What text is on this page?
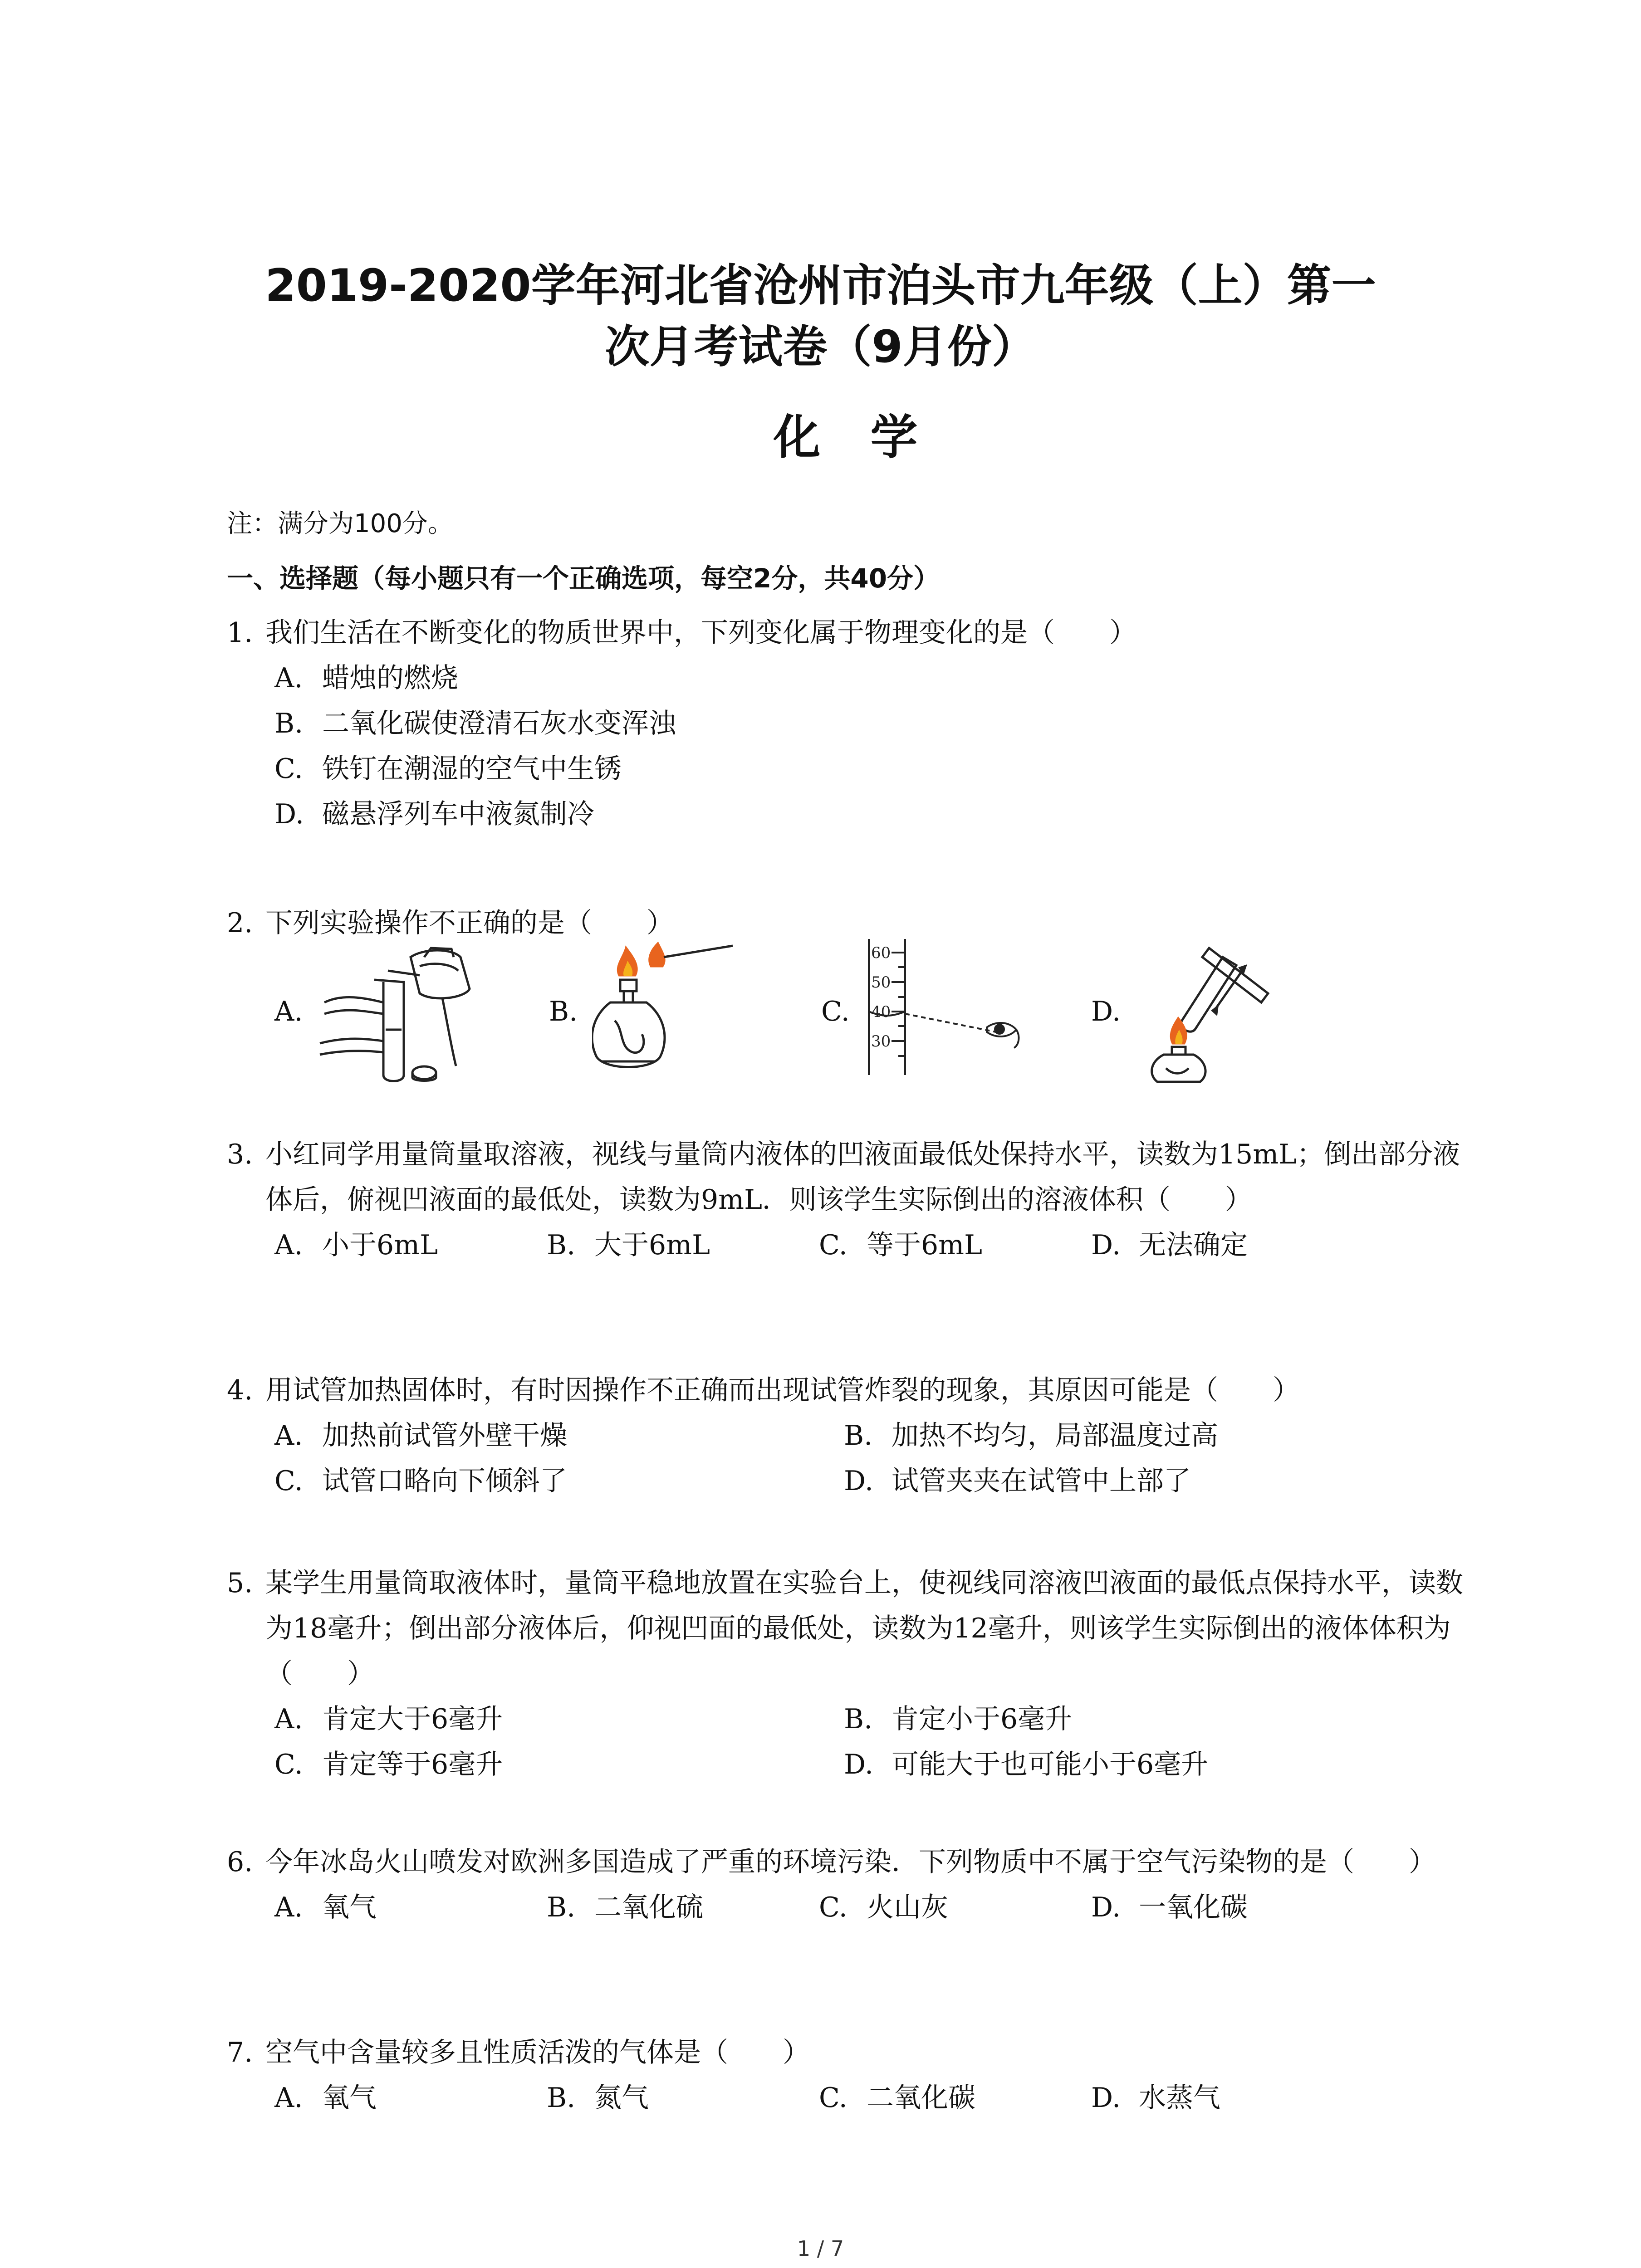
2019-2020学年河北省沧州市泊头市九年级（上）第一
次月考试卷（9月份）
化学
注：满分为100分。
一、选择题（每小题只有一个正确选项，每空2分，共40分）
1. 我们生活在不断变化的物质世界中，下列变化属于物理变化的是（　　）
A. 蜡烛的燃烧
B. 二氧化碳使澄清石灰水变浑浊
C. 铁钉在潮湿的空气中生锈
D. 磁悬浮列车中液氮制冷
2. 下列实验操作不正确的是（　　）
A.	B.	C.
60
50
40
30
D.
3. 小红同学用量筒量取溶液，视线与量筒内液体的凹液面最低处保持水平，读数为15mL；倒出部分液体后，俯视凹液面的最低处，读数为9mL．则该学生实际倒出的溶液体积（　　）
A. 小于6mL	B. 大于6mL	C. 等于6mL	D. 无法确定
4. 用试管加热固体时，有时因操作不正确而出现试管炸裂的现象，其原因可能是（　　）
A. 加热前试管外壁干燥	B. 加热不均匀，局部温度过高
C. 试管口略向下倾斜了	D. 试管夹夹在试管中上部了
5. 某学生用量筒取液体时，量筒平稳地放置在实验台上，使视线同溶液凹液面的最低点保持水平，读数为18毫升；倒出部分液体后，仰视凹面的最低处，读数为12毫升，则该学生实际倒出的液体体积为（　　）
A. 肯定大于6毫升	B. 肯定小于6毫升
C. 肯定等于6毫升	D. 可能大于也可能小于6毫升
6. 今年冰岛火山喷发对欧洲多国造成了严重的环境污染．下列物质中不属于空气污染物的是（　　）
A. 氧气	B. 二氧化硫	C. 火山灰	D. 一氧化碳
7. 空气中含量较多且性质活泼的气体是（　　）
A. 氧气	B. 氮气	C. 二氧化碳	D. 水蒸气
1 / 7
